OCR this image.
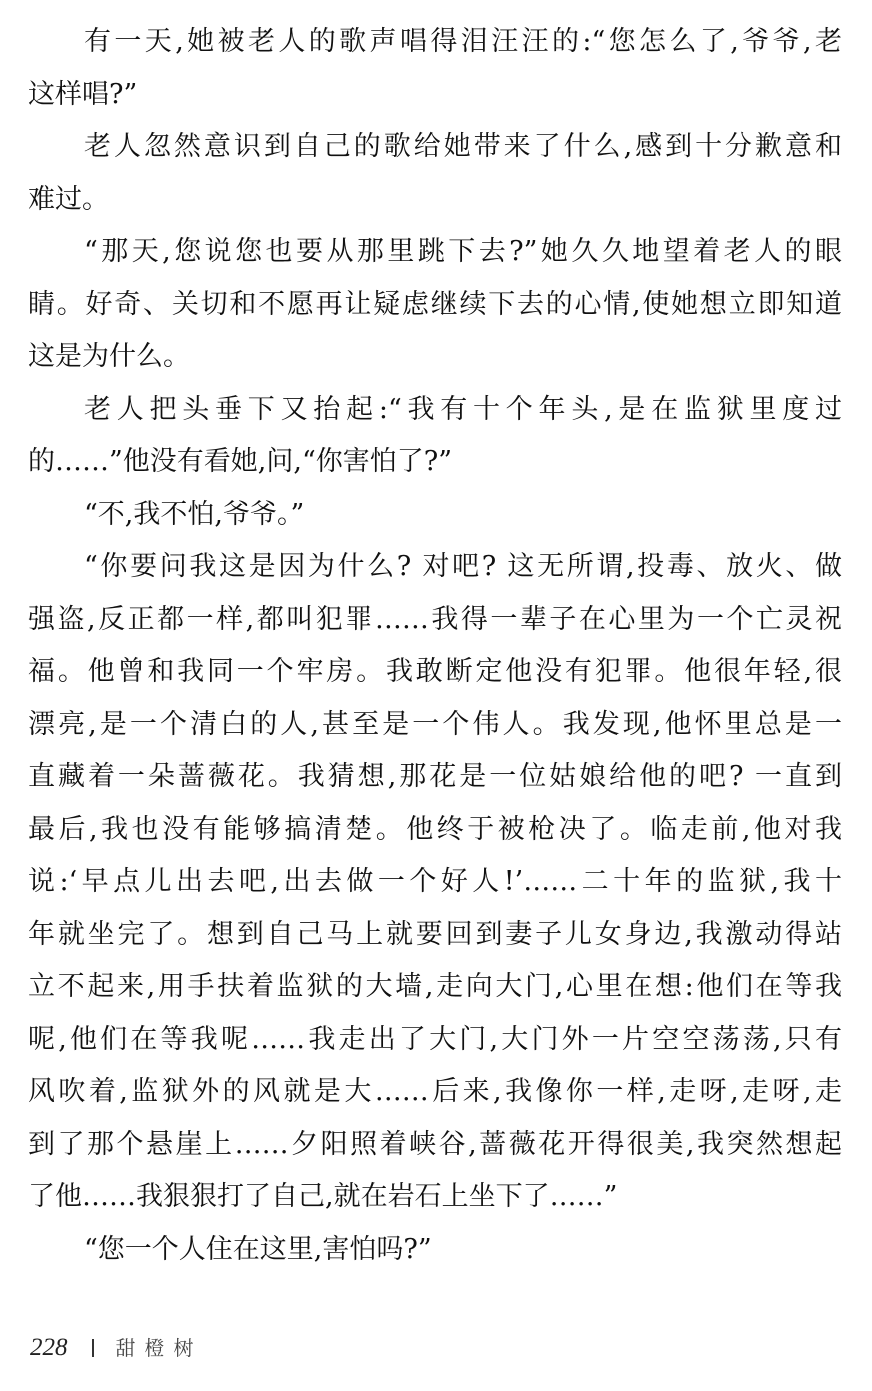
有一天,她被老人的歌声唱得泪汪汪的:“您怎么了,爷爷,老
这样唱?”
老人忽然意识到自己的歌给她带来了什么,感到十分歉意和
难过。
“那天,您说您也要从那里跳下去?”她久久地望着老人的眼
睛。好奇、关切和不愿再让疑虑继续下去的心情,使她想立即知道
这是为什么。
老人把头垂下又抬起:“我有十个年头,是在监狱里度过
的……”他没有看她,问,“你害怕了?”
“不,我不怕,爷爷。”
“你要问我这是因为什么? 对吧? 这无所谓,投毒、放火、做
强盗,反正都一样,都叫犯罪……我得一辈子在心里为一个亡灵祝
福。他曾和我同一个牢房。我敢断定他没有犯罪。他很年轻,很
漂亮,是一个清白的人,甚至是一个伟人。我发现,他怀里总是一
直藏着一朵蔷薇花。我猜想,那花是一位姑娘给他的吧? 一直到
最后,我也没有能够搞清楚。他终于被枪决了。临走前,他对我
说:‘早点儿出去吧,出去做一个好人!’……二十年的监狱,我十
年就坐完了。想到自己马上就要回到妻子儿女身边,我激动得站
立不起来,用手扶着监狱的大墙,走向大门,心里在想:他们在等我
呢,他们在等我呢……我走出了大门,大门外一片空空荡荡,只有
风吹着,监狱外的风就是大……后来,我像你一样,走呀,走呀,走
到了那个悬崖上……夕阳照着峡谷,蔷薇花开得很美,我突然想起
了他……我狠狠打了自己,就在岩石上坐下了……”
“您一个人住在这里,害怕吗?”
228 甜橙树
